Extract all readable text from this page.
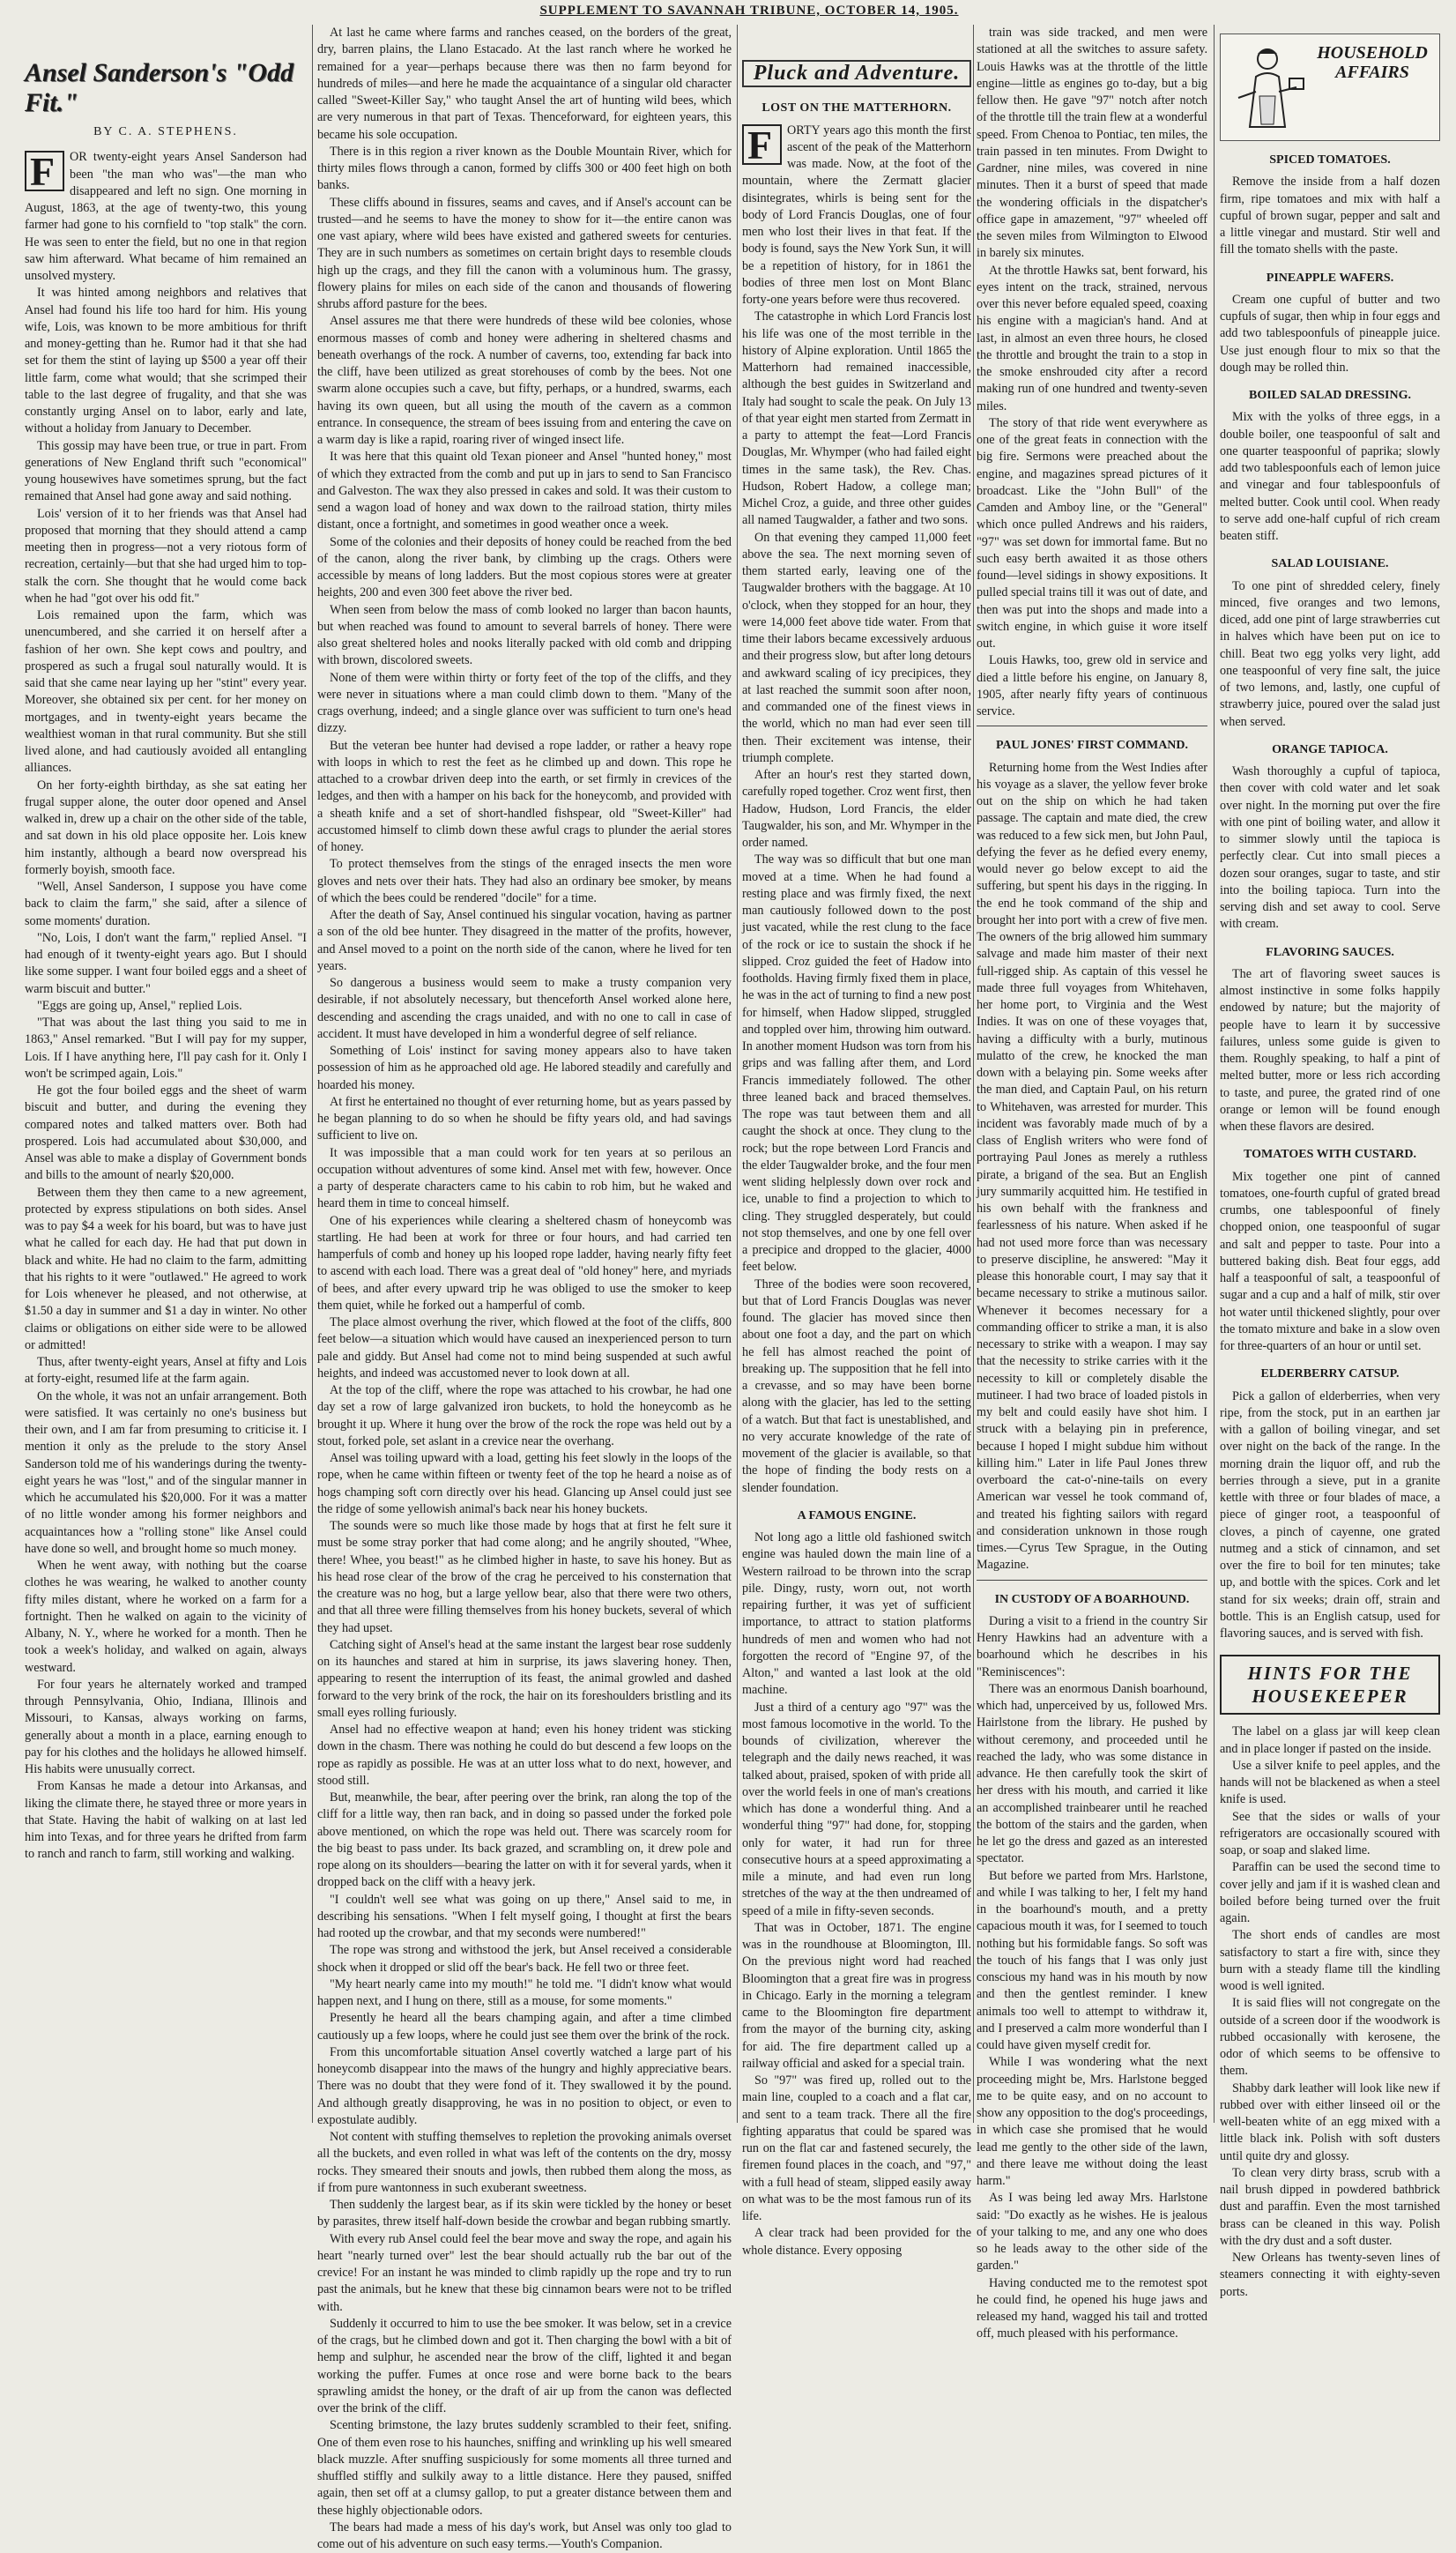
SUPPLEMENT TO SAVANNAH TRIBUNE, OCTOBER 14, 1905.
Ansel Sanderson's "Odd Fit."
BY C. A. STEPHENS.

F	OR twenty-eight years Ansel Sanderson had been "the man who was"—the man who disappeared and left no sign. One morning in August, 1863, at the age of twenty-two, this young farmer had gone to his cornfield to "top stalk" the corn. He was seen to enter the field, but no one in that region saw him afterward. What became of him remained an unsolved mystery.

It was hinted among neighbors and relatives that Ansel had found his life too hard for him. His young wife, Lois, was known to be more ambitious for thrift and money-getting than he. Rumor had it that she had set for them the stint of laying up $500 a year off their little farm, come what would; that she scrimped their table to the last degree of frugality, and that she was constantly urging Ansel on to labor, early and late, without a holiday from January to December.

This gossip may have been true, or true in part. From generations of New England thrift such "economical" young housewives have sometimes sprung, but the fact remained that Ansel had gone away and said nothing.

Lois' version of it to her friends was that Ansel had proposed that morning that they should attend a camp meeting then in progress—not a very riotous form of recreation, certainly—but that she had urged him to top-stalk the corn. She thought that he would come back when he had "got over his odd fit."

Lois remained upon the farm, which was unencumbered, and she carried it on herself after a fashion of her own. She kept cows and poultry, and prospered as such a frugal soul naturally would. It is said that she came near laying up her "stint" every year. Moreover, she obtained six per cent. for her money on mortgages, and in twenty-eight years became the wealthiest woman in that rural community. But she still lived alone, and had cautiously avoided all entangling alliances.

On her forty-eighth birthday, as she sat eating her frugal supper alone, the outer door opened and Ansel walked in, drew up a chair on the other side of the table, and sat down in his old place opposite her. Lois knew him instantly, although a beard now overspread his formerly boyish, smooth face.

"Well, Ansel Sanderson, I suppose you have come back to claim the farm," she said, after a silence of some moments' duration.

"No, Lois, I don't want the farm," replied Ansel. "I had enough of it twenty-eight years ago. But I should like some supper. I want four boiled eggs and a sheet of warm biscuit and butter."

"Eggs are going up, Ansel," replied Lois.

"That was about the last thing you said to me in 1863," Ansel remarked. "But I will pay for my supper, Lois. If I have anything here, I'll pay cash for it. Only I won't be scrimped again, Lois."

He got the four boiled eggs and the sheet of warm biscuit and butter, and during the evening they compared notes and talked matters over. Both had prospered. Lois had accumulated about $30,000, and Ansel was able to make a display of Government bonds and bills to the amount of nearly $20,000.

Between them they then came to a new agreement, protected by express stipulations on both sides. Ansel was to pay $4 a week for his board, but was to have just what he called for each day. He had that put down in black and white. He had no claim to the farm, admitting that his rights to it were "outlawed." He agreed to work for Lois whenever he pleased, and not otherwise, at $1.50 a day in summer and $1 a day in winter. No other claims or obligations on either side were to be allowed or admitted!

Thus, after twenty-eight years, Ansel at fifty and Lois at forty-eight, resumed life at the farm again.

On the whole, it was not an unfair arrangement. Both were satisfied. It was certainly no one's business but their own, and I am far from presuming to criticise it. I mention it only as the prelude to the story Ansel Sanderson told me of his wanderings during the twenty-eight years he was "lost," and of the singular manner in which he accumulated his $20,000. For it was a matter of no little wonder among his former neighbors and acquaintances how a "rolling stone" like Ansel could have done so well, and brought home so much money.

When he went away, with nothing but the coarse clothes he was wearing, he walked to another county fifty miles distant, where he worked on a farm for a fortnight. Then he walked on again to the vicinity of Albany, N. Y., where he worked for a month. Then he took a week's holiday, and walked on again, always westward.

For four years he alternately worked and tramped through Pennsylvania, Ohio, Indiana, Illinois and Missouri, to Kansas, always working on farms, generally about a month in a place, earning enough to pay for his clothes and the holidays he allowed himself. His habits were unusually correct.

From Kansas he made a detour into Arkansas, and liking the climate there, he stayed three or more years in that State. Having the habit of walking on at last led him into Texas, and for three years he drifted from farm to ranch and ranch to farm, still working and walking.

At last he came where farms and ranches ceased, on the borders of the great, dry, barren plains, the Llano Estacado. At the last ranch where he worked he remained for a year—perhaps because there was then no farm beyond for hundreds of miles—and here he made the acquaintance of a singular old character called "Sweet-Killer Say," who taught Ansel the art of hunting wild bees, which are very numerous in that part of Texas. Thenceforward, for eighteen years, this became his sole occupation.

There is in this region a river known as the Double Mountain River, which for thirty miles flows through a canon, formed by cliffs 300 or 400 feet high on both banks.

These cliffs abound in fissures, seams and caves, and if Ansel's account can be trusted—and he seems to have the money to show for it—the entire canon was one vast apiary, where wild bees have existed and gathered sweets for centuries. They are in such numbers as sometimes on certain bright days to resemble clouds high up the crags, and they fill the canon with a voluminous hum. The grassy, flowery plains for miles on each side of the canon and thousands of flowering shrubs afford pasture for the bees.

Ansel assures me that there were hundreds of these wild bee colonies, whose enormous masses of comb and honey were adhering in sheltered chasms and beneath overhangs of the rock. A number of caverns, too, extending far back into the cliff, have been utilized as great storehouses of comb by the bees. Not one swarm alone occupies such a cave, but fifty, perhaps, or a hundred, swarms, each having its own queen, but all using the mouth of the cavern as a common entrance. In consequence, the stream of bees issuing from and entering the cave on a warm day is like a rapid, roaring river of winged insect life.

It was here that this quaint old Texan pioneer and Ansel "hunted honey," most of which they extracted from the comb and put up in jars to send to San Francisco and Galveston. The wax they also pressed in cakes and sold. It was their custom to send a wagon load of honey and wax down to the railroad station, thirty miles distant, once a fortnight, and sometimes in good weather once a week.

Some of the colonies and their deposits of honey could be reached from the bed of the canon, along the river bank, by climbing up the crags. Others were accessible by means of long ladders. But the most copious stores were at greater heights, 200 and even 300 feet above the river bed.

When seen from below the mass of comb looked no larger than bacon haunts, but when reached was found to amount to several barrels of honey. There were also great sheltered holes and nooks literally packed with old comb and dripping with brown, discolored sweets.

None of them were within thirty or forty feet of the top of the cliffs, and they were never in situations where a man could climb down to them. "Many of the crags overhung, indeed; and a single glance over was sufficient to turn one's head dizzy.

But the veteran bee hunter had devised a rope ladder, or rather a heavy rope with loops in which to rest the feet as he climbed up and down. This rope he attached to a crowbar driven deep into the earth, or set firmly in crevices of the ledges, and then with a hamper on his back for the honeycomb, and provided with a sheath knife and a set of short-handled fishspear, old "Sweet-Killer" had accustomed himself to climb down these awful crags to plunder the aerial stores of honey.

To protect themselves from the stings of the enraged insects the men wore gloves and nets over their hats. They had also an ordinary bee smoker, by means of which the bees could be rendered "docile" for a time.

After the death of Say, Ansel continued his singular vocation, having as partner a son of the old bee hunter. They disagreed in the matter of the profits, however, and Ansel moved to a point on the north side of the canon, where he lived for ten years.

So dangerous a business would seem to make a trusty companion very desirable, if not absolutely necessary, but thenceforth Ansel worked alone here, descending and ascending the crags unaided, and with no one to call in case of accident. It must have developed in him a wonderful degree of self reliance.

Something of Lois' instinct for saving money appears also to have taken possession of him as he approached old age. He labored steadily and carefully and hoarded his money.

At first he entertained no thought of ever returning home, but as years passed by he began planning to do so when he should be fifty years old, and had savings sufficient to live on.

It was impossible that a man could work for ten years at so perilous an occupation without adventures of some kind. Ansel met with few, however. Once a party of desperate characters came to his cabin to rob him, but he waked and heard them in time to conceal himself.

One of his experiences while clearing a sheltered chasm of honeycomb was startling. He had been at work for three or four hours, and had carried ten hamperfuls of comb and honey up his looped rope ladder, having nearly fifty feet to ascend with each load. There was a great deal of "old honey" here, and myriads of bees, and after every upward trip he was obliged to use the smoker to keep them quiet, while he forked out a hamperful of comb.

The place almost overhung the river, which flowed at the foot of the cliffs, 800 feet below—a situation which would have caused an inexperienced person to turn pale and giddy. But Ansel had come not to mind being suspended at such awful heights, and indeed was accustomed never to look down at all.

At the top of the cliff, where the rope was attached to his crowbar, he had one day set a row of large galvanized iron buckets, to hold the honeycomb as he brought it up. Where it hung over the brow of the rock the rope was held out by a stout, forked pole, set aslant in a crevice near the overhang.

Ansel was toiling upward with a load, getting his feet slowly in the loops of the rope, when he came within fifteen or twenty feet of the top he heard a noise as of hogs champing soft corn directly over his head. Glancing up Ansel could just see the ridge of some yellowish animal's back near his honey buckets.

The sounds were so much like those made by hogs that at first he felt sure it must be some stray porker that had come along; and he angrily shouted, "Whee, there! Whee, you beast!" as he climbed higher in haste, to save his honey. But as his head rose clear of the brow of the crag he perceived to his consternation that the creature was no hog, but a large yellow bear, also that there were two others, and that all three were filling themselves from his honey buckets, several of which they had upset.

Catching sight of Ansel's head at the same instant the largest bear rose suddenly on its haunches and stared at him in surprise, its jaws slavering honey. Then, appearing to resent the interruption of its feast, the animal growled and dashed forward to the very brink of the rock, the hair on its foreshoulders bristling and its small eyes rolling furiously.

Ansel had no effective weapon at hand; even his honey trident was sticking down in the chasm. There was nothing he could do but descend a few loops on the rope as rapidly as possible. He was at an utter loss what to do next, however, and stood still.

But, meanwhile, the bear, after peering over the brink, ran along the top of the cliff for a little way, then ran back, and in doing so passed under the forked pole above mentioned, on which the rope was held out. There was scarcely room for the big beast to pass under. Its back grazed, and scrambling on, it drew pole and rope along on its shoulders—bearing the latter on with it for several yards, when it dropped back on the cliff with a heavy jerk.

"I couldn't well see what was going on up there," Ansel said to me, in describing his sensations. "When I felt myself going, I thought at first the bears had rooted up the crowbar, and that my seconds were numbered!"

The rope was strong and withstood the jerk, but Ansel received a considerable shock when it dropped or slid off the bear's back. He fell two or three feet.

"My heart nearly came into my mouth!" he told me. "I didn't know what would happen next, and I hung on there, still as a mouse, for some moments."

Presently he heard all the bears champing again, and after a time climbed cautiously up a few loops, where he could just see them over the brink of the rock.

From this uncomfortable situation Ansel covertly watched a large part of his honeycomb disappear into the maws of the hungry and highly appreciative bears. There was no doubt that they were fond of it. They swallowed it by the pound. And although greatly disapproving, he was in no position to object, or even to expostulate audibly.

Not content with stuffing themselves to repletion the provoking animals overset all the buckets, and even rolled in what was left of the contents on the dry, mossy rocks. They smeared their snouts and jowls, then rubbed them along the moss, as if from pure wantonness in such exuberant sweetness.

Then suddenly the largest bear, as if its skin were tickled by the honey or beset by parasites, threw itself half-down beside the crowbar and began rubbing smartly.

With every rub Ansel could feel the bear move and sway the rope, and again his heart "nearly turned over" lest the bear should actually rub the bar out of the crevice! For an instant he was minded to climb rapidly up the rope and try to run past the animals, but he knew that these big cinnamon bears were not to be trifled with.

Suddenly it occurred to him to use the bee smoker. It was below, set in a crevice of the crags, but he climbed down and got it. Then charging the bowl with a bit of hemp and sulphur, he ascended near the brow of the cliff, lighted it and began working the puffer. Fumes at once rose and were borne back to the bears sprawling amidst the honey, or the draft of air up from the canon was deflected over the brink of the cliff.

Scenting brimstone, the lazy brutes suddenly scrambled to their feet, snifing. One of them even rose to his haunches, sniffing and wrinkling up his well smeared black muzzle. After snuffing suspiciously for some moments all three turned and shuffled stiffly and sulkily away to a little distance. Here they paused, sniffed again, then set off at a clumsy gallop, to put a greater distance between them and these highly objectionable odors.

The bears had made a mess of his day's work, but Ansel was only too glad to come out of his adventure on such easy terms.—Youth's Companion.

Pluck and Adventure.
LOST ON THE MATTERHORN.

F	ORTY years ago this month the first ascent of the peak of the Matterhorn was made. Now, at the foot of the mountain, where the Zermatt glacier disintegrates, whirls is being sent for the body of Lord Francis Douglas, one of four men who lost their lives in that feat. If the body is found, says the New York Sun, it will be a repetition of history, for in 1861 the bodies of three men lost on Mont Blanc forty-one years before were thus recovered.

The catastrophe in which Lord Francis lost his life was one of the most terrible in the history of Alpine exploration. Until 1865 the Matterhorn had remained inaccessible, although the best guides in Switzerland and Italy had sought to scale the peak. On July 13 of that year eight men started from Zermatt in a party to attempt the feat—Lord Francis Douglas, Mr. Whymper (who had failed eight times in the same task), the Rev. Chas. Hudson, Robert Hadow, a college man; Michel Croz, a guide, and three other guides all named Taugwalder, a father and two sons.

On that evening they camped 11,000 feet above the sea. The next morning seven of them started early, leaving one of the Taugwalder brothers with the baggage. At 10 o'clock, when they stopped for an hour, they were 14,000 feet above tide water. From that time their labors became excessively arduous and their progress slow, but after long detours and awkward scaling of icy precipices, they at last reached the summit soon after noon, and commanded one of the finest views in the world, which no man had ever seen till then. Their excitement was intense, their triumph complete.

After an hour's rest they started down, carefully roped together. Croz went first, then Hadow, Hudson, Lord Francis, the elder Taugwalder, his son, and Mr. Whymper in the order named.

The way was so difficult that but one man moved at a time. When he had found a resting place and was firmly fixed, the next man cautiously followed down to the post just vacated, while the rest clung to the face of the rock or ice to sustain the shock if he slipped. Croz guided the feet of Hadow into footholds. Having firmly fixed them in place, he was in the act of turning to find a new post for himself, when Hadow slipped, struggled and toppled over him, throwing him outward. In another moment Hudson was torn from his grips and was falling after them, and Lord Francis immediately followed. The other three leaned back and braced themselves. The rope was taut between them and all caught the shock at once. They clung to the rock; but the rope between Lord Francis and the elder Taugwalder broke, and the four men went sliding helplessly down over rock and ice, unable to find a projection to which to cling. They struggled desperately, but could not stop themselves, and one by one fell over a precipice and dropped to the glacier, 4000 feet below.

Three of the bodies were soon recovered, but that of Lord Francis Douglas was never found. The glacier has moved since then about one foot a day, and the part on which he fell has almost reached the point of breaking up. The supposition that he fell into a crevasse, and so may have been borne along with the glacier, has led to the setting of a watch. But that fact is unestablished, and no very accurate knowledge of the rate of movement of the glacier is available, so that the hope of finding the body rests on a slender foundation.

A FAMOUS ENGINE.

Not long ago a little old fashioned switch engine was hauled down the main line of a Western railroad to be thrown into the scrap pile. Dingy, rusty, worn out, not worth repairing further, it was yet of sufficient importance, to attract to station platforms hundreds of men and women who had not forgotten the record of "Engine 97, of the Alton," and wanted a last look at the old machine.

Just a third of a century ago "97" was the most famous locomotive in the world. To the bounds of civilization, wherever the telegraph and the daily news reached, it was talked about, praised, spoken of with pride all over the world feels in one of man's creations which has done a wonderful thing. And a wonderful thing "97" had done, for, stopping only for water, it had run for three consecutive hours at a speed approximating a mile a minute, and had even run long stretches of the way at the then undreamed of speed of a mile in fifty-seven seconds.

That was in October, 1871. The engine was in the roundhouse at Bloomington, Ill. On the previous night word had reached Bloomington that a great fire was in progress in Chicago. Early in the morning a telegram came to the Bloomington fire department from the mayor of the burning city, asking for aid. The fire department called up a railway official and asked for a special train.

So "97" was fired up, rolled out to the main line, coupled to a coach and a flat car, and sent to a team track. There all the fire fighting apparatus that could be spared was run on the flat car and fastened securely, the firemen found places in the coach, and "97," with a full head of steam, slipped easily away on what was to be the most famous run of its life.

A clear track had been provided for the whole distance. Every opposing

train was side tracked, and men were stationed at all the switches to assure safety. Louis Hawks was at the throttle of the little engine—little as engines go to-day, but a big fellow then. He gave "97" notch after notch of the throttle till the train flew at a wonderful speed. From Chenoa to Pontiac, ten miles, the train passed in ten minutes. From Dwight to Gardner, nine miles, was covered in nine minutes. Then it a burst of speed that made the wondering officials in the dispatcher's office gape in amazement, "97" wheeled off the seven miles from Wilmington to Elwood in barely six minutes.

At the throttle Hawks sat, bent forward, his eyes intent on the track, strained, nervous over this never before equaled speed, coaxing his engine with a magician's hand. And at last, in almost an even three hours, he closed the throttle and brought the train to a stop in the smoke enshrouded city after a record making run of one hundred and twenty-seven miles.

The story of that ride went everywhere as one of the great feats in connection with the big fire. Sermons were preached about the engine, and magazines spread pictures of it broadcast. Like the "John Bull" of the Camden and Amboy line, or the "General" which once pulled Andrews and his raiders, "97" was set down for immortal fame. But no such easy berth awaited it as those others found—level sidings in showy expositions. It pulled special trains till it was out of date, and then was put into the shops and made into a switch engine, in which guise it wore itself out.

Louis Hawks, too, grew old in service and died a little before his engine, on January 8, 1905, after nearly fifty years of continuous service.

PAUL JONES' FIRST COMMAND.

Returning home from the West Indies after his voyage as a slaver, the yellow fever broke out on the ship on which he had taken passage. The captain and mate died, the crew was reduced to a few sick men, but John Paul, defying the fever as he defied every enemy, would never go below except to aid the suffering, but spent his days in the rigging. In the end he took command of the ship and brought her into port with a crew of five men. The owners of the brig allowed him summary salvage and made him master of their next full-rigged ship. As captain of this vessel he made three full voyages from Whitehaven, her home port, to Virginia and the West Indies. It was on one of these voyages that, having a difficulty with a burly, mutinous mulatto of the crew, he knocked the man down with a belaying pin. Some weeks after the man died, and Captain Paul, on his return to Whitehaven, was arrested for murder. This incident was favorably made much of by a class of English writers who were fond of portraying Paul Jones as merely a ruthless pirate, a brigand of the sea. But an English jury summarily acquitted him. He testified in his own behalf with the frankness and fearlessness of his nature. When asked if he had not used more force than was necessary to preserve discipline, he answered: "May it please this honorable court, I may say that it became necessary to strike a mutinous sailor. Whenever it becomes necessary for a commanding officer to strike a man, it is also necessary to strike with a weapon. I may say that the necessity to strike carries with it the necessity to kill or completely disable the mutineer. I had two brace of loaded pistols in my belt and could easily have shot him. I struck with a belaying pin in preference, because I hoped I might subdue him without killing him." Later in life Paul Jones threw overboard the cat-o'-nine-tails on every American war vessel he took command of, and treated his fighting sailors with regard and consideration unknown in those rough times.—Cyrus Tew Sprague, in the Outing Magazine.

IN CUSTODY OF A BOARHOUND.

During a visit to a friend in the country Sir Henry Hawkins had an adventure with a boarhound which he describes in his "Reminiscences":

There was an enormous Danish boarhound, which had, unperceived by us, followed Mrs. Hairlstone from the library. He pushed by without ceremony, and proceeded until he reached the lady, who was some distance in advance. He then carefully took the skirt of her dress with his mouth, and carried it like an accomplished trainbearer until he reached the bottom of the stairs and the garden, when he let go the dress and gazed as an interested spectator.

But before we parted from Mrs. Harlstone, and while I was talking to her, I felt my hand in the boarhound's mouth, and a pretty capacious mouth it was, for I seemed to touch nothing but his formidable fangs. So soft was the touch of his fangs that I was only just conscious my hand was in his mouth by now and then the gentlest reminder. I knew animals too well to attempt to withdraw it, and I preserved a calm more wonderful than I could have given myself credit for.

While I was wondering what the next proceeding might be, Mrs. Harlstone begged me to be quite easy, and on no account to show any opposition to the dog's proceedings, in which case she promised that he would lead me gently to the other side of the lawn, and there leave me without doing the least harm."

As I was being led away Mrs. Harlstone said: "Do exactly as he wishes. He is jealous of your talking to me, and any one who does so he leads away to the other side of the garden."

Having conducted me to the remotest spot he could find, he opened his huge jaws and released my hand, wagged his tail and trotted off, much pleased with his performance.

HOUSEHOLD
AFFAIRS
SPICED TOMATOES.

Remove the inside from a half dozen firm, ripe tomatoes and mix with half a cupful of brown sugar, pepper and salt and a little vinegar and mustard. Stir well and fill the tomato shells with the paste.

PINEAPPLE WAFERS.

Cream one cupful of butter and two cupfuls of sugar, then whip in four eggs and add two tablespoonfuls of pineapple juice. Use just enough flour to mix so that the dough may be rolled thin.

BOILED SALAD DRESSING.

Mix with the yolks of three eggs, in a double boiler, one teaspoonful of salt and one quarter teaspoonful of paprika; slowly add two tablespoonfuls each of lemon juice and vinegar and four tablespoonfuls of melted butter. Cook until cool. When ready to serve add one-half cupful of rich cream beaten stiff.

SALAD LOUISIANE.

To one pint of shredded celery, finely minced, five oranges and two lemons, diced, add one pint of large strawberries cut in halves which have been put on ice to chill. Beat two egg yolks very light, add one teaspoonful of very fine salt, the juice of two lemons, and, lastly, one cupful of strawberry juice, poured over the salad just when served.

ORANGE TAPIOCA.

Wash thoroughly a cupful of tapioca, then cover with cold water and let soak over night. In the morning put over the fire with one pint of boiling water, and allow it to simmer slowly until the tapioca is perfectly clear. Cut into small pieces a dozen sour oranges, sugar to taste, and stir into the boiling tapioca. Turn into the serving dish and set away to cool. Serve with cream.

FLAVORING SAUCES.

The art of flavoring sweet sauces is almost instinctive in some folks happily endowed by nature; but the majority of people have to learn it by successive failures, unless some guide is given to them. Roughly speaking, to half a pint of melted butter, more or less rich according to taste, and puree, the grated rind of one orange or lemon will be found enough when these flavors are desired.

TOMATOES WITH CUSTARD.

Mix together one pint of canned tomatoes, one-fourth cupful of grated bread crumbs, one tablespoonful of finely chopped onion, one teaspoonful of sugar and salt and pepper to taste. Pour into a buttered baking dish. Beat four eggs, add half a teaspoonful of salt, a teaspoonful of sugar and a cup and a half of milk, stir over hot water until thickened slightly, pour over the tomato mixture and bake in a slow oven for three-quarters of an hour or until set.

ELDERBERRY CATSUP.

Pick a gallon of elderberries, when very ripe, from the stock, put in an earthen jar with a gallon of boiling vinegar, and set over night on the back of the range. In the morning drain the liquor off, and rub the berries through a sieve, put in a granite kettle with three or four blades of mace, a piece of ginger root, a teaspoonful of cloves, a pinch of cayenne, one grated nutmeg and a stick of cinnamon, and set over the fire to boil for ten minutes; take up, and bottle with the spices. Cork and let stand for six weeks; drain off, strain and bottle. This is an English catsup, used for flavoring sauces, and is served with fish.

HINTS FOR THE
HOUSEKEEPER

The label on a glass jar will keep clean and in place longer if pasted on the inside.

Use a silver knife to peel apples, and the hands will not be blackened as when a steel knife is used.

See that the sides or walls of your refrigerators are occasionally scoured with soap, or soap and slaked lime.

Paraffin can be used the second time to cover jelly and jam if it is washed clean and boiled before being turned over the fruit again.

The short ends of candles are most satisfactory to start a fire with, since they burn with a steady flame till the kindling wood is well ignited.

It is said flies will not congregate on the outside of a screen door if the woodwork is rubbed occasionally with kerosene, the odor of which seems to be offensive to them.

Shabby dark leather will look like new if rubbed over with either linseed oil or the well-beaten white of an egg mixed with a little black ink. Polish with soft dusters until quite dry and glossy.

To clean very dirty brass, scrub with a nail brush dipped in powdered bathbrick dust and paraffin. Even the most tarnished brass can be cleaned in this way. Polish with the dry dust and a soft duster.

New Orleans has twenty-seven lines of steamers connecting it with eighty-seven ports.
